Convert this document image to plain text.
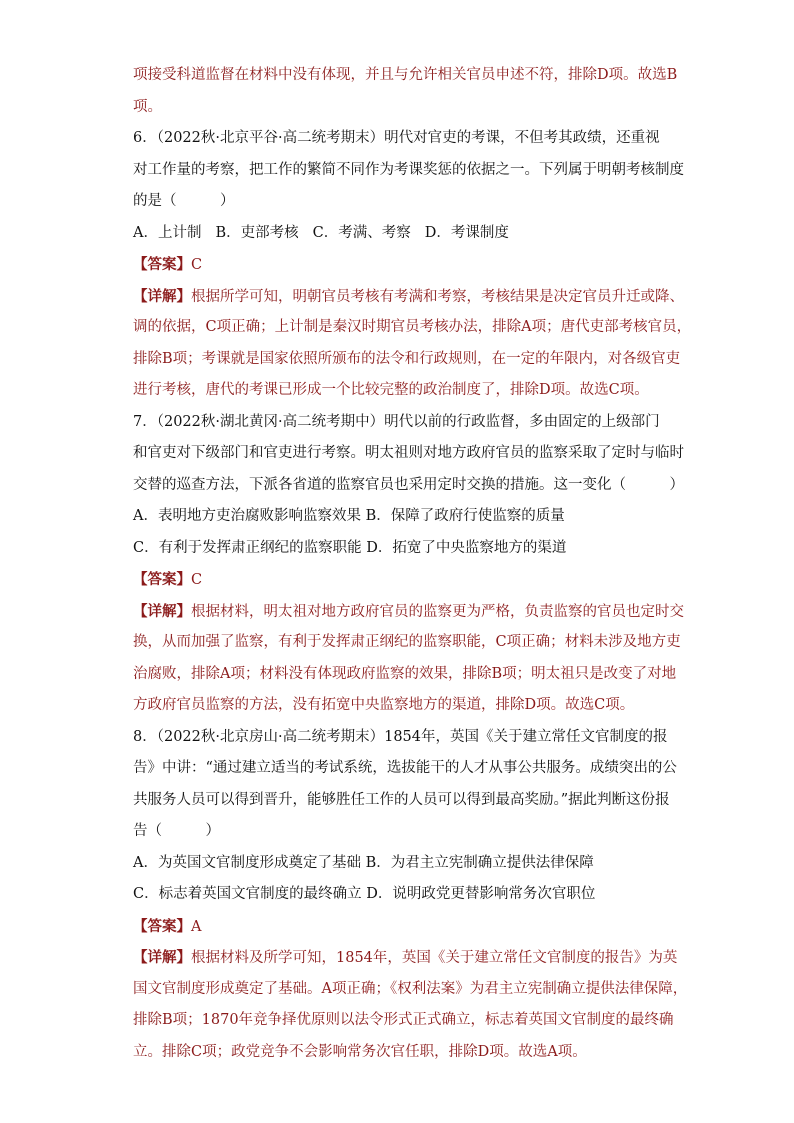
项接受科道监督在材料中没有体现，并且与允许相关官员申述不符，排除D项。故选B
项。
6．（2022秋·北京平谷·高二统考期末）明代对官吏的考课，不但考其政绩，还重视
对工作量的考察，把工作的繁简不同作为考课奖惩的依据之一。下列属于明朝考核制度
的是（　　　）
A．上计制 B．吏部考核 C．考满、考察 D．考课制度
【答案】C
【详解】根据所学可知，明朝官员考核有考满和考察，考核结果是决定官员升迁或降、
调的依据，C项正确；上计制是秦汉时期官员考核办法，排除A项；唐代吏部考核官员，
排除B项；考课就是国家依照所颁布的法令和行政规则，在一定的年限内，对各级官吏
进行考核，唐代的考课已形成一个比较完整的政治制度了，排除D项。故选C项。
7．（2022秋·湖北黄冈·高二统考期中）明代以前的行政监督，多由固定的上级部门
和官吏对下级部门和官吏进行考察。明太祖则对地方政府官员的监察采取了定时与临时
交替的巡查方法，下派各省道的监察官员也采用定时交换的措施。这一变化（　　　）
A．表明地方吏治腐败影响监察效果 B．保障了政府行使监察的质量
C．有利于发挥肃正纲纪的监察职能 D．拓宽了中央监察地方的渠道
【答案】C
【详解】根据材料，明太祖对地方政府官员的监察更为严格，负责监察的官员也定时交
换，从而加强了监察，有利于发挥肃正纲纪的监察职能，C项正确；材料未涉及地方吏
治腐败，排除A项；材料没有体现政府监察的效果，排除B项；明太祖只是改变了对地
方政府官员监察的方法，没有拓宽中央监察地方的渠道，排除D项。故选C项。
8．（2022秋·北京房山·高二统考期末）1854年，英国《关于建立常任文官制度的报
告》中讲：“通过建立适当的考试系统，选拔能干的人才从事公共服务。成绩突出的公
共服务人员可以得到晋升，能够胜任工作的人员可以得到最高奖励。”据此判断这份报
告（　　　）
A．为英国文官制度形成奠定了基础 B．为君主立宪制确立提供法律保障
C．标志着英国文官制度的最终确立 D．说明政党更替影响常务次官职位
【答案】A
【详解】根据材料及所学可知，1854年，英国《关于建立常任文官制度的报告》为英
国文官制度形成奠定了基础。A项正确；《权利法案》为君主立宪制确立提供法律保障，
排除B项；1870年竞争择优原则以法令形式正式确立，标志着英国文官制度的最终确
立。排除C项；政党竞争不会影响常务次官任职，排除D项。故选A项。
